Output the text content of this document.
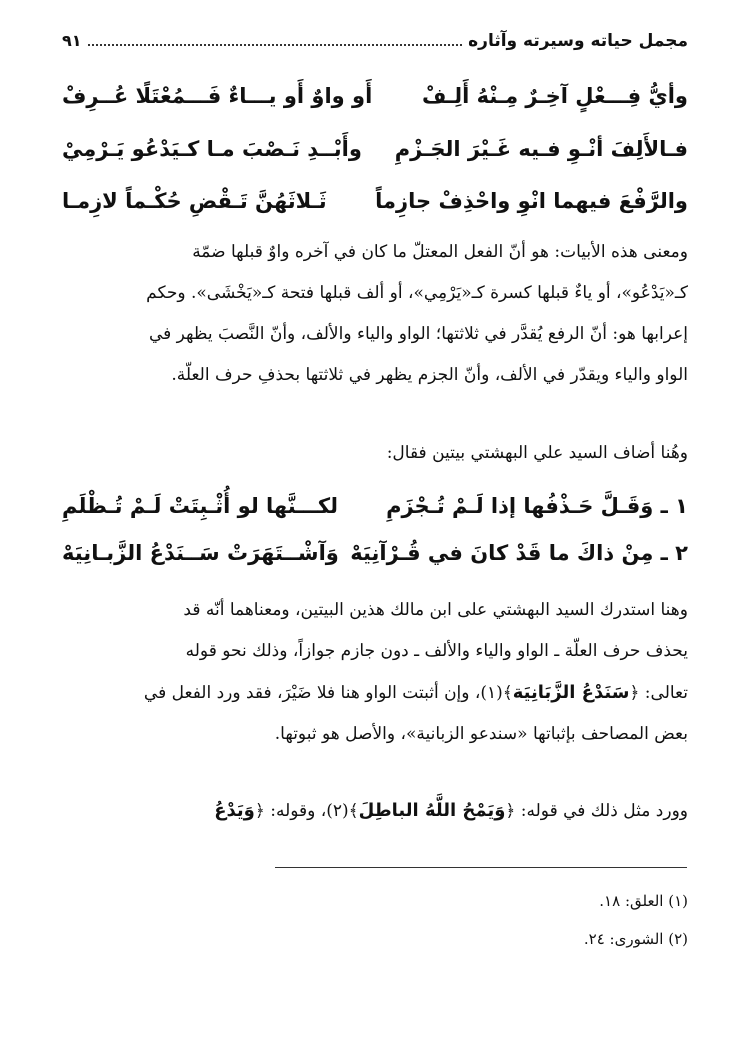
مجمل حياته وسيرته وآثاره
٩١
وأيُّ فِـــعْلٍ آخِـرٌ مِـنْهُ أَلِـفْ
أَو واوٌ أَو يـــاءٌ فَـــمُعْتَلًا عُــرِفْ
فـالأَلِفَ أنْـوِ فـيه غَـيْرَ الجَـزْمِ
وأَبْــدِ نَـصْبَ مـا كـيَدْعُو يَـرْمِيْ
والرَّفْعَ فيهما انْوِ واحْذِفْ جازِماً
ثَـلاثَهُنَّ تَـقْضِ حُكْـماً لازِمـا
ومعنى هذه الأبيات: هو أنّ الفعل المعتلّ ما كان في آخره واوٌ قبلها ضمّة
كـ«يَدْعُو»، أو ياءٌ قبلها كسرة كـ«يَرْمِي»، أو ألف قبلها فتحة كـ«يَخْشَى». وحكم
إعرابها هو: أنّ الرفع يُقدَّر في ثلاثتها؛ الواو والياء والألف، وأنّ النَّصبَ يظهر في
الواو والياء ويقدّر في الألف، وأنّ الجزم يظهر في ثلاثتها بحذفِ حرف العلّة.
وهُنا أضاف السيد علي البهشتي بيتين فقال:
١ ـ وَقَـلَّ حَـذْفُها إذا لَـمْ تُـجْزَمِ
لكـــنَّها لو أُثْـبِتَتْ لَـمْ تُـظْلَمِ
٢ ـ مِنْ ذاكَ ما قَدْ كانَ في قُـرْآنِيَهْ
وَآشْــتَهَرَتْ سَــنَدْعُ الزَّبـانِيَهْ
وهنا استدرك السيد البهشتي على ابن مالك هذين البيتين، ومعناهما أنّه قد
يحذف حرف العلّة ـ الواو والياء والألف ـ دون جازم جوازاً، وذلك نحو قوله
تعالى: ﴿سَنَدْعُ الزَّبَانِيَة﴾(١)، وإن أثبتت الواو هنا فلا ضَيْرَ، فقد ورد الفعل في
بعض المصاحف بإثباتها «سندعو الزبانية»، والأصل هو ثبوتها.
وورد مثل ذلك في قوله: ﴿وَيَمْحُ اللَّهُ الباطِلَ﴾(٢)، وقوله: ﴿وَيَدْعُ
(١) العلق: ١٨.
(٢) الشورى: ٢٤.
